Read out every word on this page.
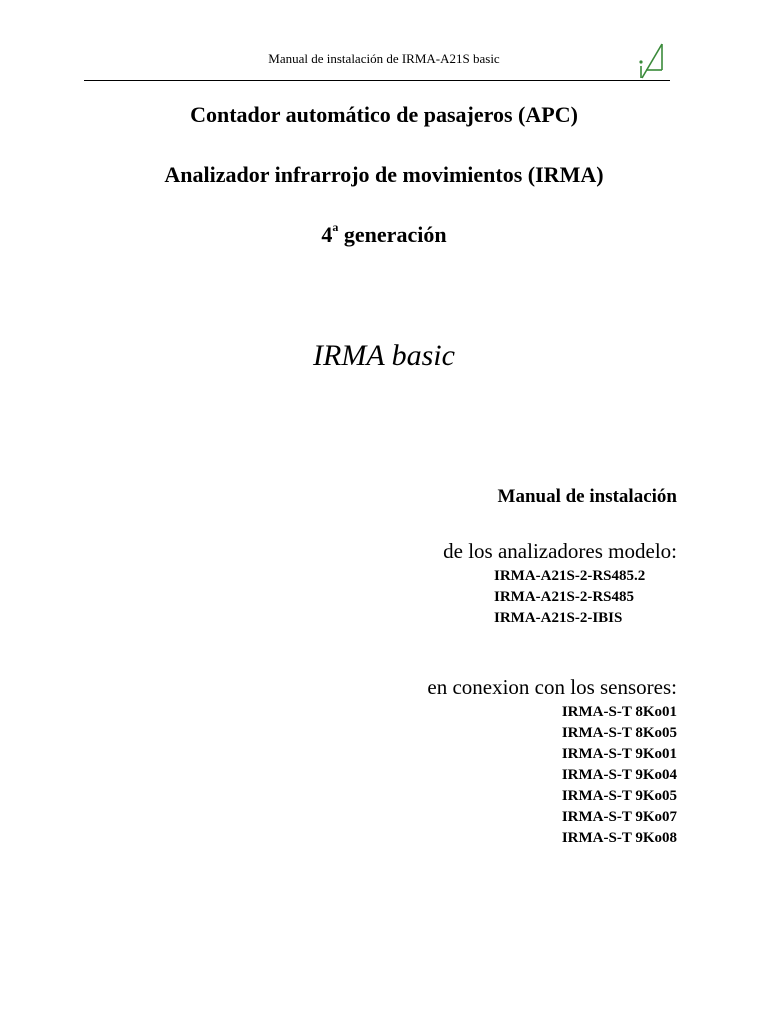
Manual de instalación de IRMA-A21S basic
Contador automático de pasajeros (APC)
Analizador infrarrojo de movimientos (IRMA)
4$^a$ generación
IRMA basic
Manual de instalación
de los analizadores modelo:
IRMA-A21S-2-RS485.2
IRMA-A21S-2-RS485
IRMA-A21S-2-IBIS
en conexion con los sensores:
IRMA-S-T 8Ko01
IRMA-S-T 8Ko05
IRMA-S-T 9Ko01
IRMA-S-T 9Ko04
IRMA-S-T 9Ko05
IRMA-S-T 9Ko07
IRMA-S-T 9Ko08
